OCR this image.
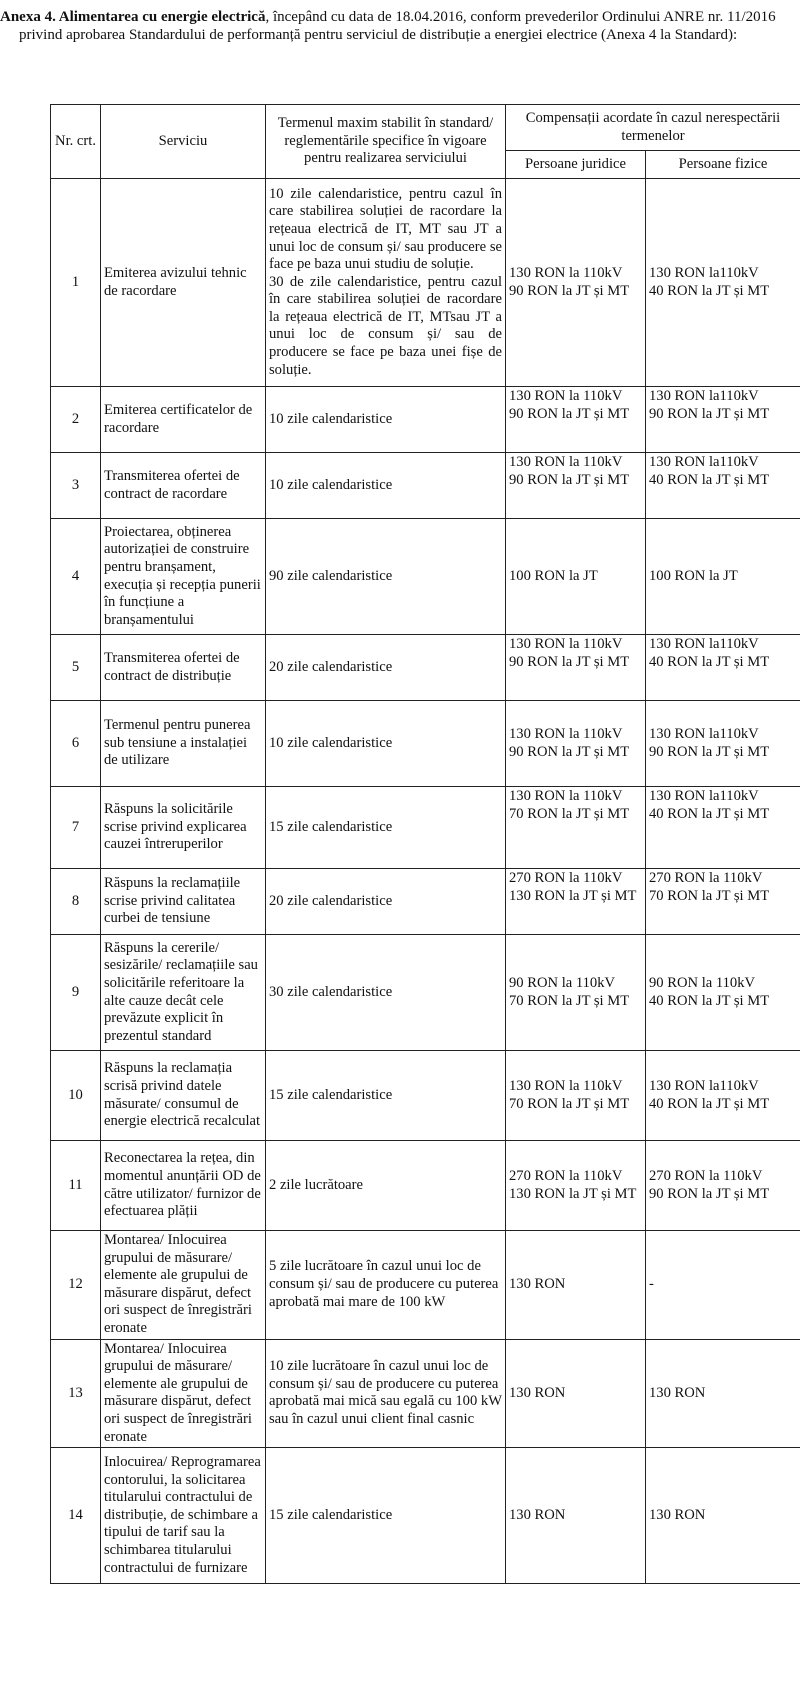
Anexa 4. Alimentarea cu energie electrică, începând cu data de 18.04.2016, conform prevederilor Ordinului ANRE nr. 11/2016
privind aprobarea Standardului de performanță pentru serviciul de distribuție a energiei electrice (Anexa 4 la Standard):
Nr. crt.	Serviciu	Termenul maxim stabilit în standard/ reglementările specifice în vigoare pentru realizarea serviciului	Compensații acordate în cazul nerespectării termenelor	
			Persoane juridice	Persoane fizice
1	Emiterea avizului tehnic de racordare	10 zile calendaristice, pentru cazul în care stabilirea soluției de racordare la rețeaua electrică de IT, MT sau JT a unui loc de consum și/ sau producere se face pe baza unui studiu de soluție.
30 de zile calendaristice, pentru cazul în care stabilirea soluției de racordare la rețeaua electrică de IT, MTsau JT a unui loc de consum și/ sau de producere se face pe baza unei fișe de soluție.	130 RON la 110kV
90 RON la JT și MT	130 RON la110kV
40 RON la JT și MT

2	Emiterea certificatelor de racordare	10 zile calendaristice	130 RON la 110kV
90 RON la JT și MT	130 RON la110kV
90 RON la JT și MT

3	Transmiterea ofertei de contract de racordare	10 zile calendaristice	130 RON la 110kV
90 RON la JT și MT	130 RON la110kV
40 RON la JT și MT

4	Proiectarea, obținerea autorizației de construire pentru branșament, execuția și recepția punerii în funcțiune a branșamentului	90 zile calendaristice	100 RON la JT	100 RON la JT

5	Transmiterea ofertei de contract de distribuție	20 zile calendaristice	130 RON la 110kV
90 RON la JT și MT	130 RON la110kV
40 RON la JT și MT

6	Termenul pentru punerea sub tensiune a instalației de utilizare	10 zile calendaristice	130 RON la 110kV
90 RON la JT și MT	130 RON la110kV
90 RON la JT și MT

7	Răspuns la solicitările scrise privind explicarea cauzei întreruperilor	15 zile calendaristice	130 RON la 110kV
70 RON la JT și MT	130 RON la110kV
40 RON la JT și MT

8	Răspuns la reclamațiile scrise privind calitatea curbei de tensiune	20 zile calendaristice	270 RON la 110kV
130 RON la JT și MT	270 RON la 110kV
70 RON la JT și MT

9	Răspuns la cererile/ sesizările/ reclamațiile sau solicitările referitoare la alte cauze decât cele prevăzute explicit în prezentul standard	30 zile calendaristice	90 RON la 110kV
70 RON la JT și MT	90 RON la 110kV
40 RON la JT și MT

10	Răspuns la reclamația scrisă privind datele măsurate/ consumul de energie electrică recalculat	15 zile calendaristice	130 RON la 110kV
70 RON la JT și MT	130 RON la110kV
40 RON la JT și MT

11	Reconectarea la rețea, din momentul anunțării OD de către utilizator/ furnizor de efectuarea plății	2 zile lucrătoare	270 RON la 110kV
130 RON la JT și MT	270 RON la 110kV
90 RON la JT și MT

12	Montarea/ Inlocuirea grupului de măsurare/ elemente ale grupului de măsurare dispărut, defect ori suspect de înregistrări eronate	5 zile lucrătoare în cazul unui loc de consum și/ sau de producere cu puterea aprobată mai mare de 100 kW	130 RON	-

13	Montarea/ Inlocuirea grupului de măsurare/ elemente ale grupului de măsurare dispărut, defect ori suspect de înregistrări eronate	10 zile lucrătoare în cazul unui loc de consum și/ sau de producere cu puterea aprobată mai mică sau egală cu 100 kW sau în cazul unui client final casnic	130 RON	130 RON

14	Inlocuirea/ Reprogramarea contorului, la solicitarea titularului contractului de distribuție, de schimbare a tipului de tarif sau la schimbarea titularului contractului de furnizare	15 zile calendaristice	130 RON	130 RON
